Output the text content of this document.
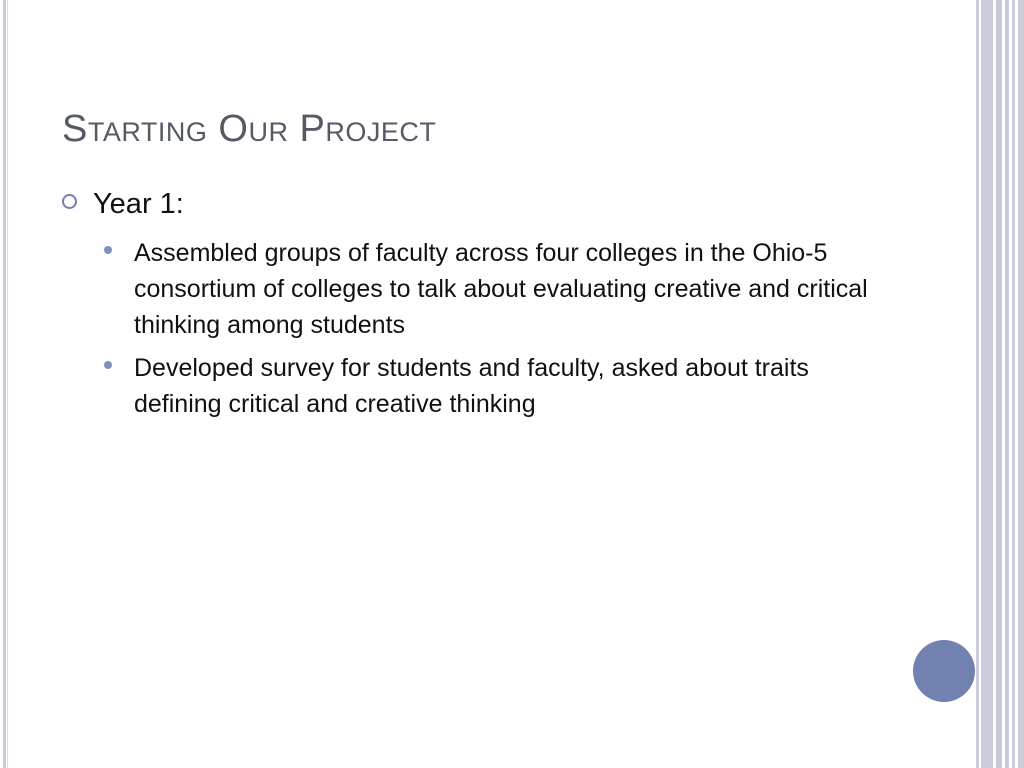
Starting Our Project
Year 1:
Assembled groups of faculty across four colleges in the Ohio-5 consortium of colleges to talk about evaluating creative and critical thinking among students
Developed survey for students and faculty, asked about traits defining critical and creative thinking
